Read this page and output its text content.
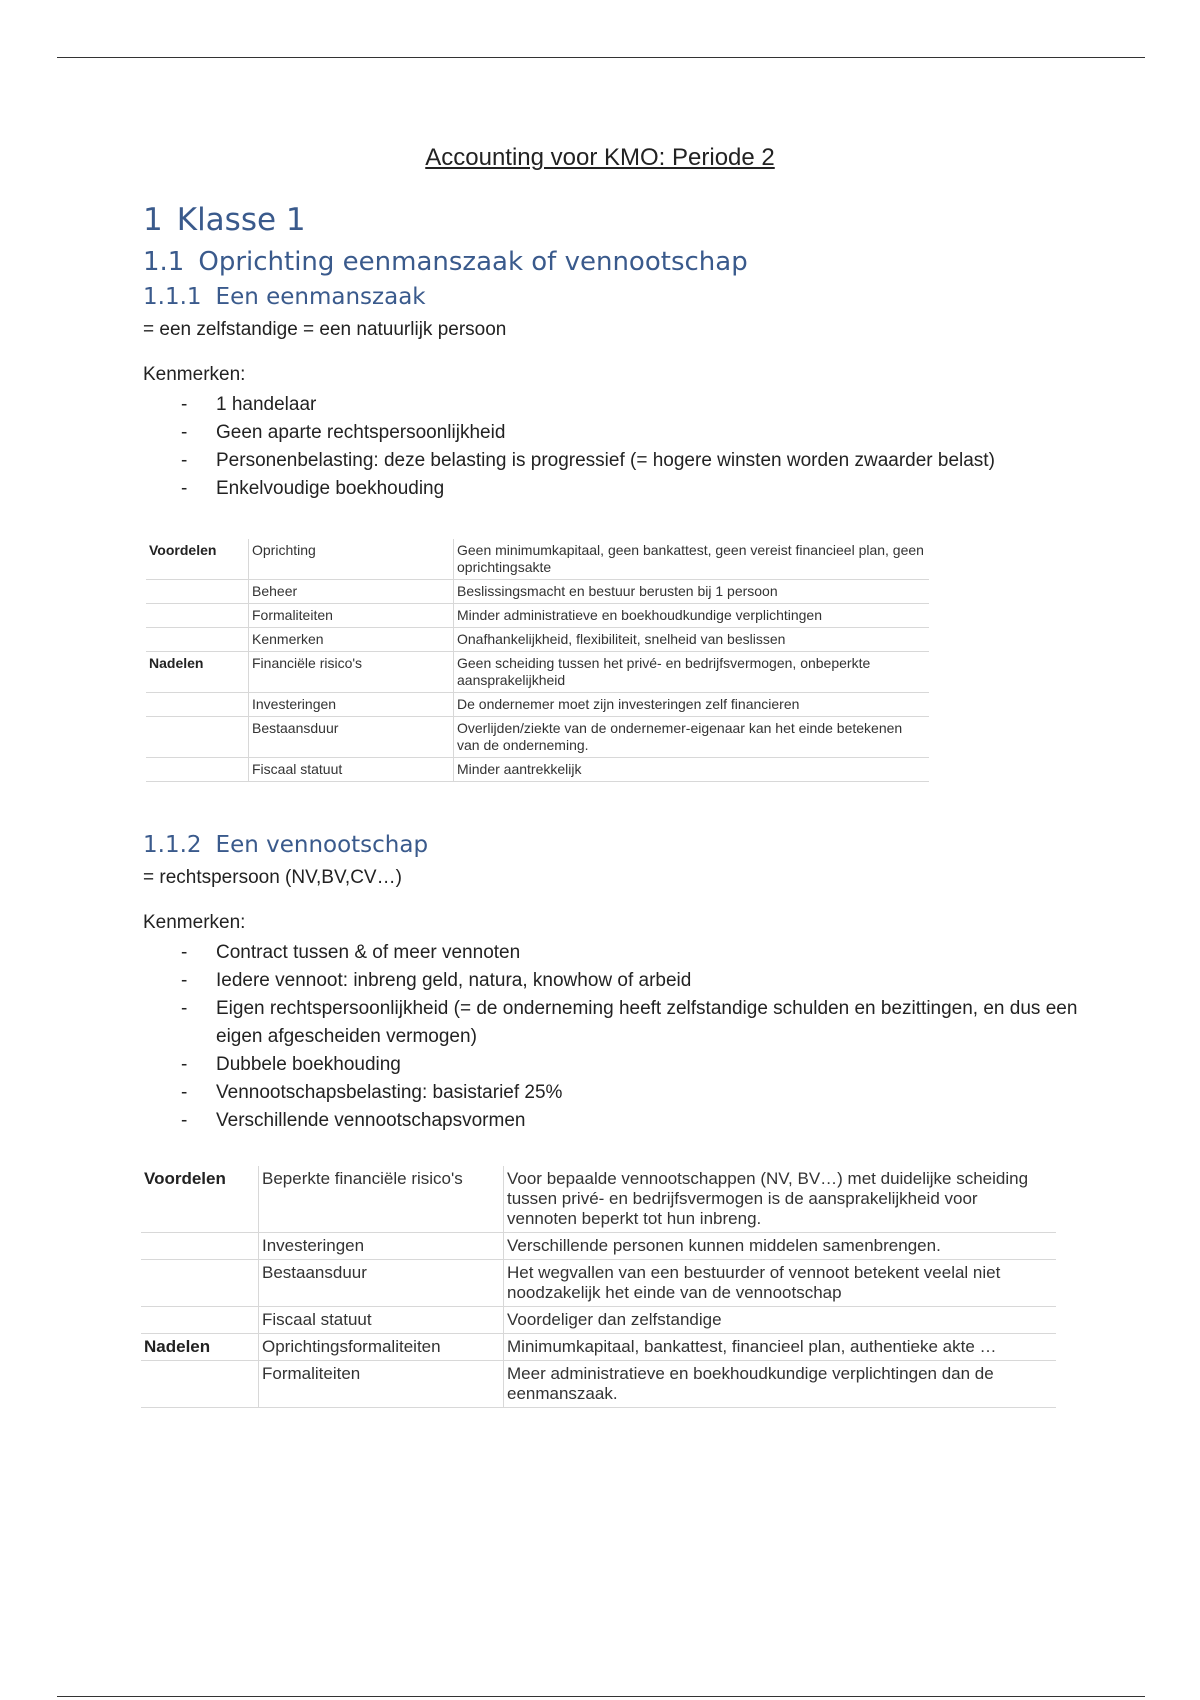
Accounting voor KMO: Periode 2
1 Klasse 1
1.1 Oprichting eenmanszaak of vennootschap
1.1.1 Een eenmanszaak
= een zelfstandige = een natuurlijk persoon
Kenmerken:
- 1 handelaar
- Geen aparte rechtspersoonlijkheid
- Personenbelasting: deze belasting is progressief (= hogere winsten worden zwaarder belast)
- Enkelvoudige boekhouding
Voordelen	Oprichting	Geen minimumkapitaal, geen bankattest, geen vereist financieel plan, geen oprichtingsakte
	Beheer	Beslissingsmacht en bestuur berusten bij 1 persoon
	Formaliteiten	Minder administratieve en boekhoudkundige verplichtingen
	Kenmerken	Onafhankelijkheid, flexibiliteit, snelheid van beslissen
Nadelen	Financiële risico's	Geen scheiding tussen het privé- en bedrijfsvermogen, onbeperkte aansprakelijkheid
	Investeringen	De ondernemer moet zijn investeringen zelf financieren
	Bestaansduur	Overlijden/ziekte van de ondernemer-eigenaar kan het einde betekenen van de onderneming.
	Fiscaal statuut	Minder aantrekkelijk
1.1.2 Een vennootschap
= rechtspersoon (NV,BV,CV…)
Kenmerken:
- Contract tussen & of meer vennoten
- Iedere vennoot: inbreng geld, natura, knowhow of arbeid
- Eigen rechtspersoonlijkheid (= de onderneming heeft zelfstandige schulden en bezittingen, en dus een eigen afgescheiden vermogen)
- Dubbele boekhouding
- Vennootschapsbelasting: basistarief 25%
- Verschillende vennootschapsvormen
Voordelen	Beperkte financiële risico's	Voor bepaalde vennootschappen (NV, BV…) met duidelijke scheiding tussen privé- en bedrijfsvermogen is de aansprakelijkheid voor vennoten beperkt tot hun inbreng.
	Investeringen	Verschillende personen kunnen middelen samenbrengen.
	Bestaansduur	Het wegvallen van een bestuurder of vennoot betekent veelal niet noodzakelijk het einde van de vennootschap
	Fiscaal statuut	Voordeliger dan zelfstandige
Nadelen	Oprichtingsformaliteiten	Minimumkapitaal, bankattest, financieel plan, authentieke akte …
	Formaliteiten	Meer administratieve en boekhoudkundige verplichtingen dan de eenmanszaak.
